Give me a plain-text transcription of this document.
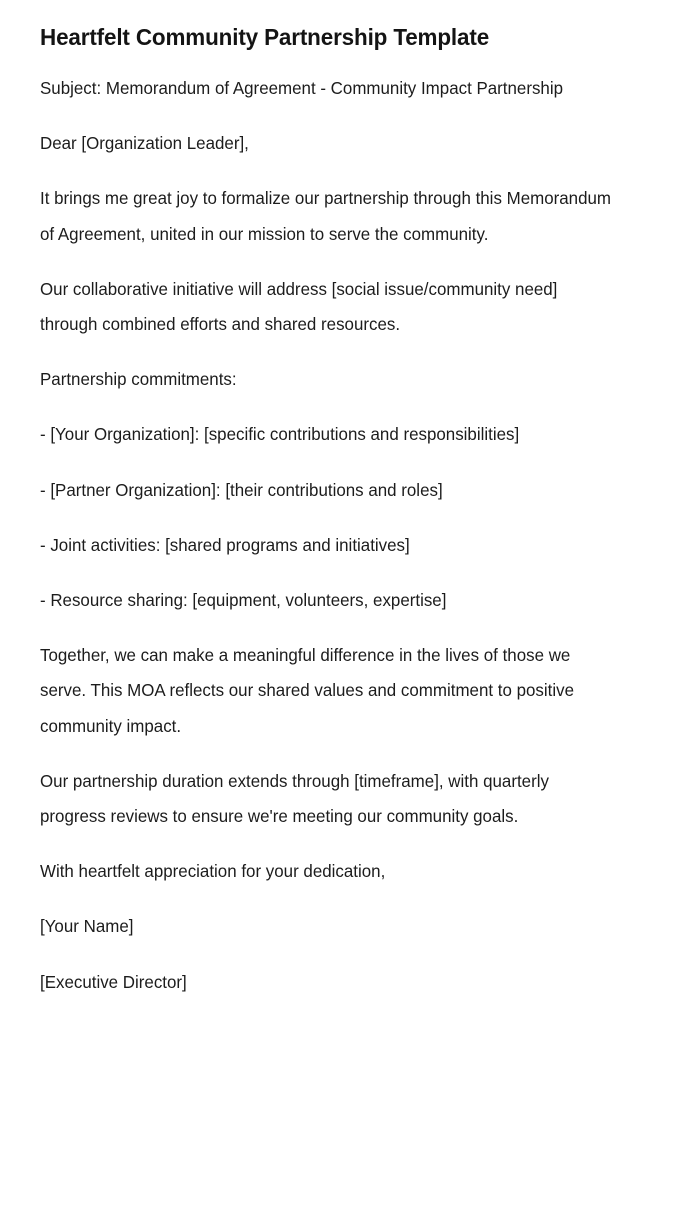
Heartfelt Community Partnership Template

Subject: Memorandum of Agreement - Community Impact Partnership

Dear [Organization Leader],

It brings me great joy to formalize our partnership through this Memorandum of Agreement, united in our mission to serve the community.

Our collaborative initiative will address [social issue/community need] through combined efforts and shared resources.

Partnership commitments:

- [Your Organization]: [specific contributions and responsibilities]

- [Partner Organization]: [their contributions and roles]

- Joint activities: [shared programs and initiatives]

- Resource sharing: [equipment, volunteers, expertise]

Together, we can make a meaningful difference in the lives of those we serve. This MOA reflects our shared values and commitment to positive community impact.

Our partnership duration extends through [timeframe], with quarterly progress reviews to ensure we're meeting our community goals.

With heartfelt appreciation for your dedication,

[Your Name]

[Executive Director]
